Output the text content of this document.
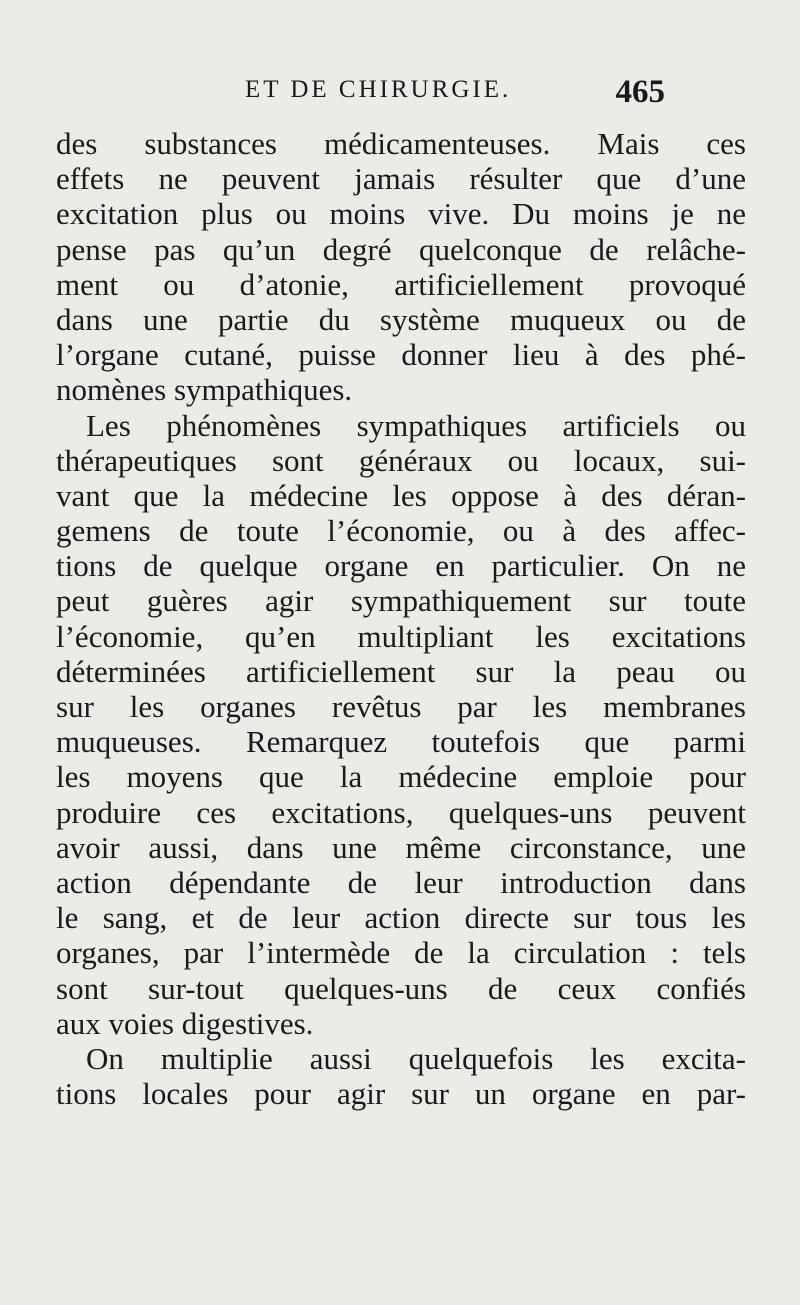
ET DE CHIRURGIE.	465
des substances médicamenteuses. Mais ces
effets ne peuvent jamais résulter que d’une
excitation plus ou moins vive. Du moins je ne
pense pas qu’un degré quelconque de relâche-
ment ou d’atonie, artificiellement provoqué
dans une partie du système muqueux ou de
l’organe cutané, puisse donner lieu à des phé-
nomènes sympathiques.
Les phénomènes sympathiques artificiels ou
thérapeutiques sont généraux ou locaux, sui-
vant que la médecine les oppose à des déran-
gemens de toute l’économie, ou à des affec-
tions de quelque organe en particulier. On ne
peut guères agir sympathiquement sur toute
l’économie, qu’en multipliant les excitations
déterminées artificiellement sur la peau ou
sur les organes revêtus par les membranes
muqueuses. Remarquez toutefois que parmi
les moyens que la médecine emploie pour
produire ces excitations, quelques-uns peuvent
avoir aussi, dans une même circonstance, une
action dépendante de leur introduction dans
le sang, et de leur action directe sur tous les
organes, par l’intermède de la circulation : tels
sont sur-tout quelques-uns de ceux confiés
aux voies digestives.
On multiplie aussi quelquefois les excita-
tions locales pour agir sur un organe en par-
